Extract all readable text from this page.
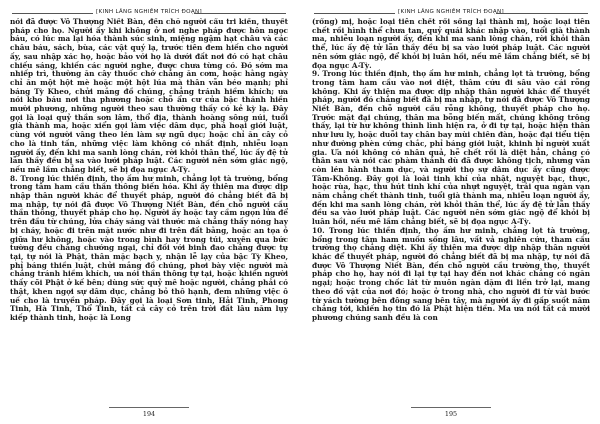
[KINH LĂNG NGHIÊM TRÍCH ĐOẠN]

nói đã được Vô Thượng Niết Bàn, đến chỗ người cầu tri kiến, thuyết pháp cho họ. Người ấy khi không ở nơi nghe pháp được hôn ngọc báu, có lúc ma lại hóa thành súc sinh, miệng ngậm hạt châu và các châu báu, sách, bùa, các vật quý lạ, trước tiên đem hiến cho người ấy, sau nhập xác họ, hoặc bảo với họ là dưới đất nơi đó có hạt châu chiếu sáng, khiến các người nghe, được chưa từng có. Đó sớm ma nhiếp trì, thường ăn cây thuốc chớ chẳng ăn cơm, hoặc hằng ngày chỉ ăn một hột mè hoặc một hột lúa mà thân vẫn béo mạnh; phỉ báng Tỳ Kheo, chửi mắng đồ chúng, chẳng tránh hiềm khích; ưa nói kho báu nơi tha phương hoặc chỗ ẩn cư của bậc thánh hiền mười phương, những người theo sau thường thấy có kẻ kỳ lạ. Đây gọi là loại quỷ thần sơn lâm, thổ địa, thành hoàng sông núi, tuổi già thành ma, hoặc xiển gọi làm việc dâm dục, phá hoại giới luật, cùng với người vâng theo lén làm sự ngũ dục; hoặc chỉ ăn cây cỏ cho là tinh tấn, những việc làm không có nhất định, nhiễu loạn người ấy, đến khi ma sanh lòng chán, rời khỏi thân thể, lúc ấy đệ tử lẫn thầy đều bị sa vào lưới pháp luật. Các người nên sớm giác ngộ, nếu mê lầm chẳng biết, sẽ bị đọa ngục A-Tỳ.

8. Trong lúc thiền định, thọ ấm hư minh, chẳng lọt tà trường, bổng trong tâm ham cầu thần thông biến hóa. Khi ấy thiên ma được dịp nhập thân người khác để thuyết pháp, người đó chẳng biết đã bị ma nhập, tự nói đã được Vô Thượng Niết Bàn, đến chỗ người cầu thần thông, thuyết pháp cho họ. Người ấy hoặc tay cầm ngọn lửa để trên đầu từ chúng, lửa cháy sáng vài thước mà chẳng thấy nóng hay bị cháy, hoặc đi trên mặt nước như đi trên đất bằng, hoặc an tọa ở giữa hư không, hoặc vào trong bình hay trong túi, xuyên qua bức tường đều chẳng chướng ngại, chỉ đối với binh đao chẳng được tự tại, tự nói là Phật, thân mặc bạch y, nhận lễ lạy của bậc Tỳ Kheo, phỉ báng thiền luật, chửi mắng đồ chúng, phơi bày việc người mà chẳng tránh hiềm khích, ưa nói thần thông tự tại, hoặc khiến người thấy cõi Phật ở kế bên; dùng sức quỷ mê hoặc người, chẳng phải có thật, khen ngợi sự dâm dục, chẳng bỏ thô hạnh, đem những việc ô uế cho là truyền pháp. Đây gọi là loại Sơn tinh, Hải Tinh, Phong Tinh, Hà Tinh, Thổ Tinh, tất cả cây cỏ trên trời đất lâu năm lụy kiếp thành tinh, hoặc là Long

194
[KINH LĂNG NGHIÊM TRÍCH ĐOẠN]

(rồng) mị, hoặc loại tiên chết rồi sống lại thành mị, hoặc loại tiên chết rồi hình thể chưa tan, quỷ quái khác nhập vào, tuổi già thành ma, nhiễu loạn người ấy, đến khi ma sanh lòng chán, rời khỏi thân thể, lúc ấy đệ tử lẫn thầy đều bị sa vào lưới pháp luật. Các người nên sớm giác ngộ, để khỏi bị luân hồi, nếu mê lầm chẳng biết, sẽ bị đọa ngục A-Tỳ.

9. Trong lúc thiền định, thọ ấm hư minh, chẳng lọt tà trường, bổng trong tâm ham cầu vào nơi diệt, thâm cứu đi sâu vào cái rỗng không. Khi ấy thiên ma được dịp nhập thân người khác để thuyết pháp, người đó chẳng biết đã bị ma nhập, tự nói đã được Vô Thượng Niết Bàn, đến chỗ người cầu rỗng không, thuyết pháp cho họ. Trước mặt đại chúng, thân ma bỗng biến mất, chúng không trông thấy, lại từ hư không thình lình hiện ra, ở đi tự tại, hoặc hiện thân như lưu ly, hoặc duỗi tay chân bay mùi chiên đàn, hoặc đại tiểu tiện như đường phèn cứng chắc, phỉ báng giới luật, khinh bỉ người xuất gia. Ưa nói không có nhân quả, hễ chết rồi là diệt hẳn, chẳng có thân sau và nói các phàm thánh dù đã được không tịch, nhưng vẫn còn lén hành tham dục, và người thọ sự dâm dục ấy cũng được Tâm-Không. Đây gọi là loài tinh khí của nhật, nguyệt bạc, thực, hoặc rùa, hạc, thu hút tinh khí của nhựt nguyệt, trải qua ngàn vạn năm chẳng chết thành tinh, tuổi già thành ma, nhiễu loạn người ấy, đến khi ma sanh lòng chán, rời khỏi thân thể, lúc ấy đệ tử lẫn thầy đều sa vào lưới pháp luật. Các người nên sớm giác ngộ để khỏi bị luân hồi, nếu mê lầm chẳng biết, sẽ bị đọa ngục A-Tỳ.

10. Trong lúc thiền định, thọ ấm hư minh, chẳng lọt tà trường, bổng trong tâm ham muốn sống lâu, vất vả nghiên cứu, tham cầu trường thọ chẳng diệt. Khi ấy thiên ma được dịp nhập thân người khác để thuyết pháp, người đó chẳng biết đã bị ma nhập, tự nói đã được Vô Thượng Niết Bàn, đến chỗ người cầu trường thọ, thuyết pháp cho họ, hay nói đi lại tự tại hay đến nơi khác chẳng có ngăn ngại; hoặc trong chốc lát từ muôn ngàn dặm đi liền trở lại, mang theo đồ vật của nơi đó; hoặc ở trong nhà, cho người đi từ vài bước từ vách tường bên đông sang bên tây, mà người ấy đi gấp suốt năm chẳng tới, khiến họ tin đó là Phật hiện tiền. Ma ưa nói tất cả mười phương chúng sanh đều là con

195
